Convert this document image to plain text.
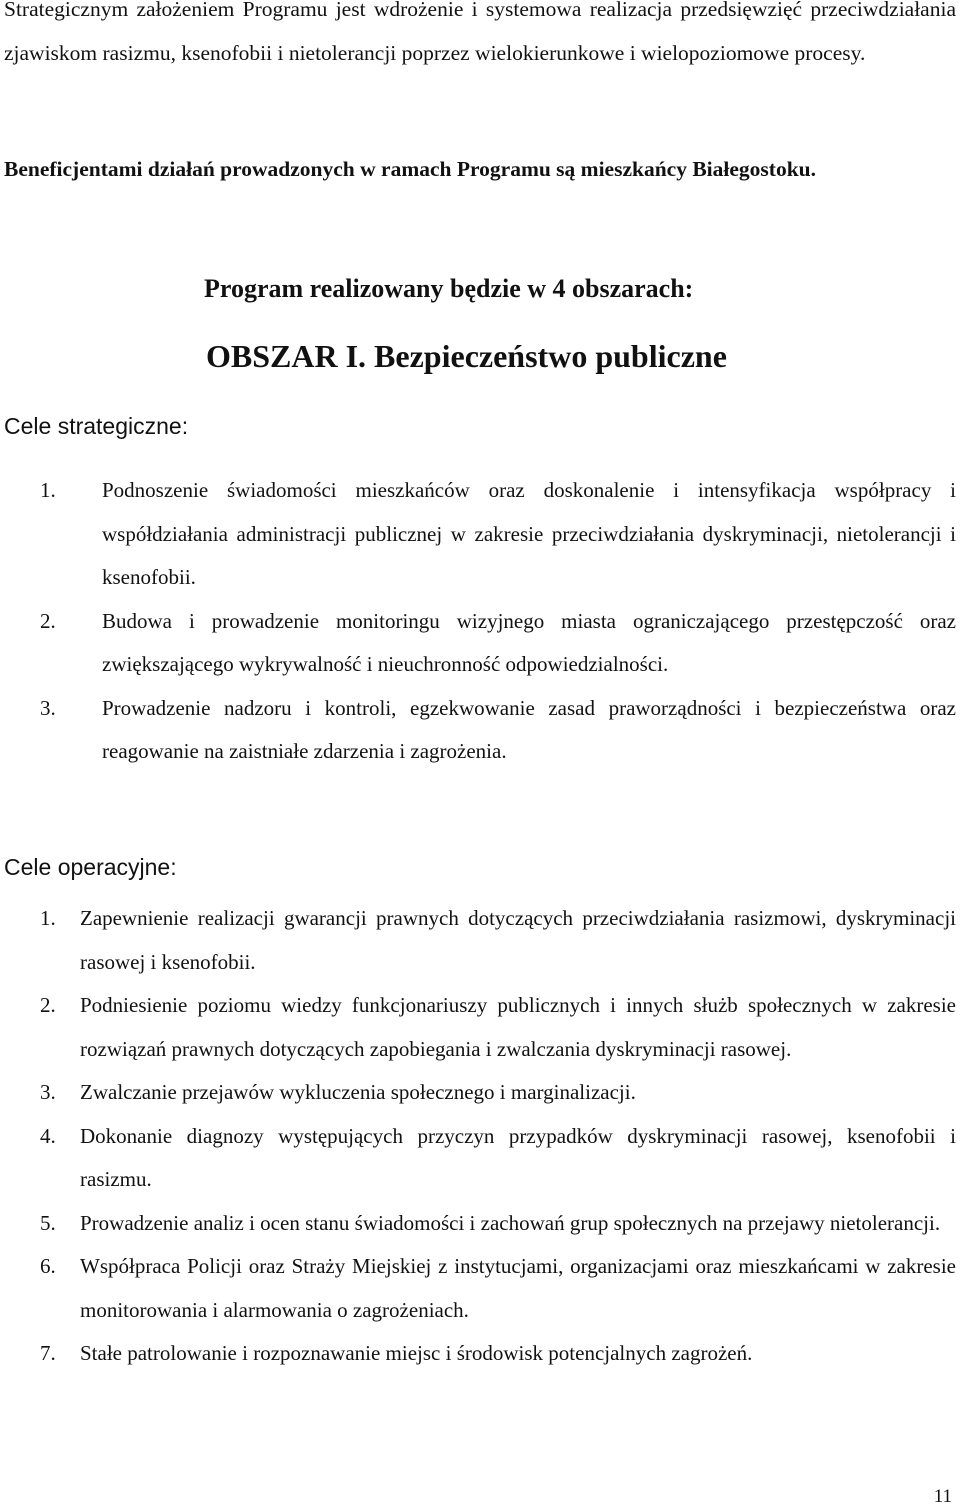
Strategicznym założeniem Programu jest wdrożenie i systemowa realizacja przedsięwzięć przeciwdziałania zjawiskom rasizmu, ksenofobii i nietolerancji poprzez wielokierunkowe i wielopoziomowe procesy.

Beneficjentami działań prowadzonych w ramach Programu są mieszkańcy Białegostoku.

Program realizowany będzie w 4 obszarach:
OBSZAR I. Bezpieczeństwo publiczne
Cele strategiczne:
1. Podnoszenie świadomości mieszkańców oraz doskonalenie i intensyfikacja współpracy i współdziałania administracji publicznej w zakresie przeciwdziałania dyskryminacji, nietolerancji i ksenofobii.
2. Budowa i prowadzenie monitoringu wizyjnego miasta ograniczającego przestępczość oraz zwiększającego wykrywalność i nieuchronność odpowiedzialności.
3. Prowadzenie nadzoru i kontroli, egzekwowanie zasad praworządności i bezpieczeństwa oraz reagowanie na zaistniałe zdarzenia i zagrożenia.
Cele operacyjne:
1. Zapewnienie realizacji gwarancji prawnych dotyczących przeciwdziałania rasizmowi, dyskryminacji rasowej i ksenofobii.
2. Podniesienie poziomu wiedzy funkcjonariuszy publicznych i innych służb społecznych w zakresie rozwiązań prawnych dotyczących zapobiegania i zwalczania dyskryminacji rasowej.
3. Zwalczanie przejawów wykluczenia społecznego i marginalizacji.
4. Dokonanie diagnozy występujących przyczyn przypadków dyskryminacji rasowej, ksenofobii i rasizmu.
5. Prowadzenie analiz i ocen stanu świadomości i zachowań grup społecznych na przejawy nietolerancji.
6. Współpraca Policji oraz Straży Miejskiej z instytucjami, organizacjami oraz mieszkańcami w zakresie monitorowania i alarmowania o zagrożeniach.
7. Stałe patrolowanie i rozpoznawanie miejsc i środowisk potencjalnych zagrożeń.
11
